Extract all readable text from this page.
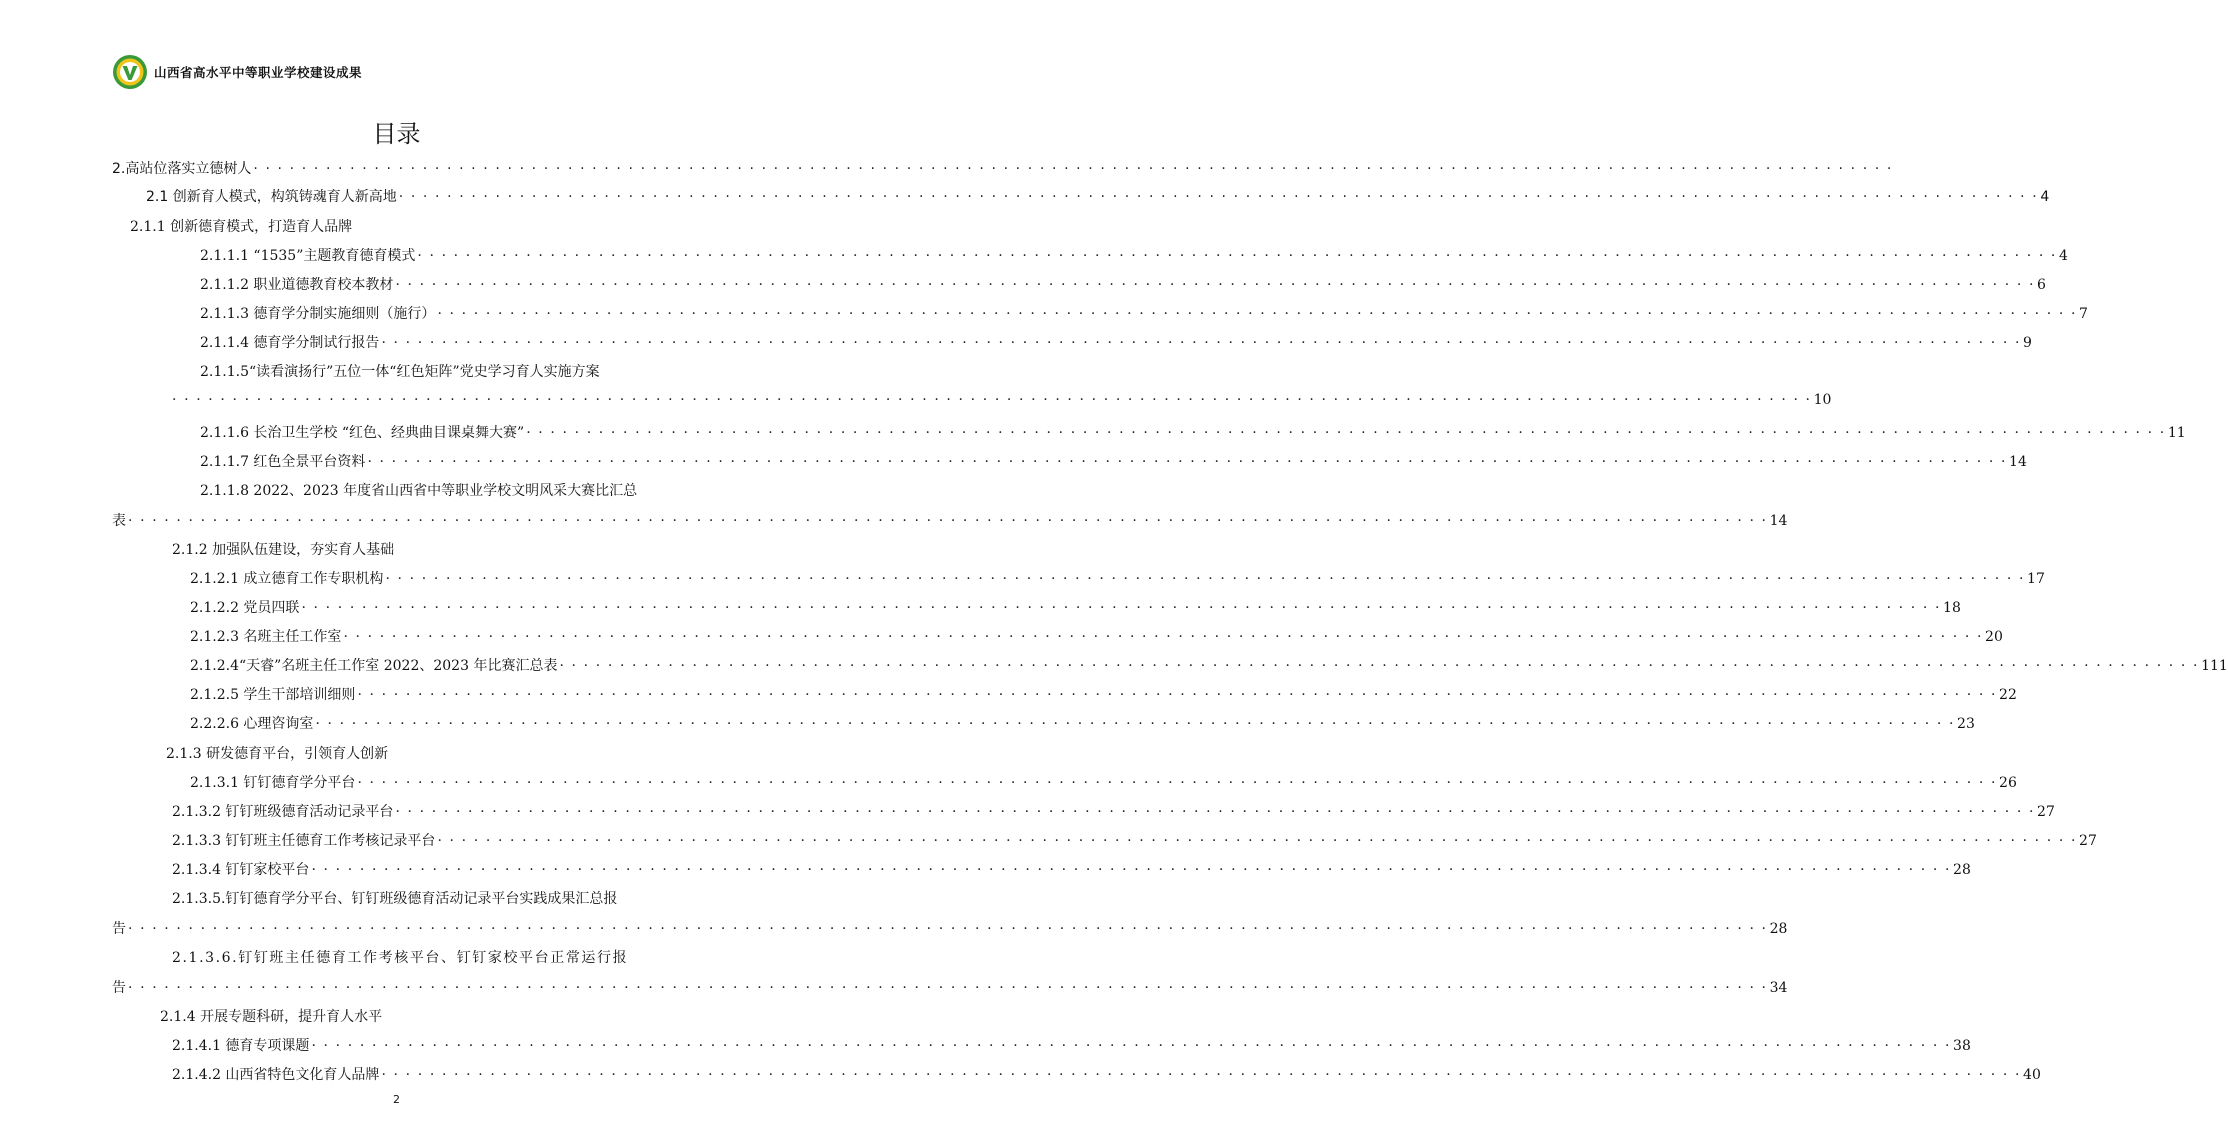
山西省高水平中等职业学校建设成果
目录
2.高站位落实立德树人 · · · · · · · · · · · · · · · · · · · · · · · · · · · · · · · · · · · · · · · · · · · · · · · · · · · · · · · · · · · · · · · · · · · · · · · · · · · · · · · · · · · · · · · · · · · · · · · · · · · · · · · · · · · · · · · · · · · · · · · · · · · · · · · · · · · · · · · ·
2.1 创新育人模式，构筑铸魂育人新高地 · · · · · · · · · · · · · · · · · · · · · · · · · · · · · · · · · · · · · · · · · · · · · · · · · · · · · · · · · · · · · · · · · · · · · · · · · · · · · · · · · · · · · · · · · · · · · · · · · · · · · · · · · · · · · · · · · · · · · · · · · · · · · · · · · · · · · · · · 4
2.1.1 创新德育模式，打造育人品牌
2.1.1.1 “1535”主题教育德育模式 · · · · · · · · · · · · · · · · · · · · · · · · · · · · · · · · · · · · · · · · · · · · · · · · · · · · · · · · · · · · · · · · · · · · · · · · · · · · · · · · · · · · · · · · · · · · · · · · · · · · · · · · · · · · · · · · · · · · · · · · · · · · · · · · · · · · · · · · 4
2.1.1.2 职业道德教育校本教材 · · · · · · · · · · · · · · · · · · · · · · · · · · · · · · · · · · · · · · · · · · · · · · · · · · · · · · · · · · · · · · · · · · · · · · · · · · · · · · · · · · · · · · · · · · · · · · · · · · · · · · · · · · · · · · · · · · · · · · · · · · · · · · · · · · · · · · · · 6
2.1.1.3 德育学分制实施细则（施行） · · · · · · · · · · · · · · · · · · · · · · · · · · · · · · · · · · · · · · · · · · · · · · · · · · · · · · · · · · · · · · · · · · · · · · · · · · · · · · · · · · · · · · · · · · · · · · · · · · · · · · · · · · · · · · · · · · · · · · · · · · · · · · · · · · · · · · · · 7
2.1.1.4 德育学分制试行报告 · · · · · · · · · · · · · · · · · · · · · · · · · · · · · · · · · · · · · · · · · · · · · · · · · · · · · · · · · · · · · · · · · · · · · · · · · · · · · · · · · · · · · · · · · · · · · · · · · · · · · · · · · · · · · · · · · · · · · · · · · · · · · · · · · · · · · · · · 9
2.1.1.5“读看演扬行”五位一体“红色矩阵”党史学习育人实施方案
· · · · · · · · · · · · · · · · · · · · · · · · · · · · · · · · · · · · · · · · · · · · · · · · · · · · · · · · · · · · · · · · · · · · · · · · · · · · · · · · · · · · · · · · · · · · · · · · · · · · · · · · · · · · · · · · · · · · · · · · · · · · · · · · · · · · · · · · 10
2.1.1.6 长治卫生学校 “红色、经典曲目课桌舞大赛” · · · · · · · · · · · · · · · · · · · · · · · · · · · · · · · · · · · · · · · · · · · · · · · · · · · · · · · · · · · · · · · · · · · · · · · · · · · · · · · · · · · · · · · · · · · · · · · · · · · · · · · · · · · · · · · · · · · · · · · · · · · · · · · · · · · · · · · · 11
2.1.1.7 红色全景平台资料 · · · · · · · · · · · · · · · · · · · · · · · · · · · · · · · · · · · · · · · · · · · · · · · · · · · · · · · · · · · · · · · · · · · · · · · · · · · · · · · · · · · · · · · · · · · · · · · · · · · · · · · · · · · · · · · · · · · · · · · · · · · · · · · · · · · · · · · · 14
2.1.1.8 2022、2023 年度省山西省中等职业学校文明风采大赛比汇总
表 · · · · · · · · · · · · · · · · · · · · · · · · · · · · · · · · · · · · · · · · · · · · · · · · · · · · · · · · · · · · · · · · · · · · · · · · · · · · · · · · · · · · · · · · · · · · · · · · · · · · · · · · · · · · · · · · · · · · · · · · · · · · · · · · · · · · · · · · 14
2.1.2 加强队伍建设，夯实育人基础
2.1.2.1 成立德育工作专职机构 · · · · · · · · · · · · · · · · · · · · · · · · · · · · · · · · · · · · · · · · · · · · · · · · · · · · · · · · · · · · · · · · · · · · · · · · · · · · · · · · · · · · · · · · · · · · · · · · · · · · · · · · · · · · · · · · · · · · · · · · · · · · · · · · · · · · · · · · 17
2.1.2.2 党员四联 · · · · · · · · · · · · · · · · · · · · · · · · · · · · · · · · · · · · · · · · · · · · · · · · · · · · · · · · · · · · · · · · · · · · · · · · · · · · · · · · · · · · · · · · · · · · · · · · · · · · · · · · · · · · · · · · · · · · · · · · · · · · · · · · · · · · · · · · 18
2.1.2.3 名班主任工作室 · · · · · · · · · · · · · · · · · · · · · · · · · · · · · · · · · · · · · · · · · · · · · · · · · · · · · · · · · · · · · · · · · · · · · · · · · · · · · · · · · · · · · · · · · · · · · · · · · · · · · · · · · · · · · · · · · · · · · · · · · · · · · · · · · · · · · · · · 20
2.1.2.4“天睿”名班主任工作室 2022、2023 年比赛汇总表 · · · · · · · · · · · · · · · · · · · · · · · · · · · · · · · · · · · · · · · · · · · · · · · · · · · · · · · · · · · · · · · · · · · · · · · · · · · · · · · · · · · · · · · · · · · · · · · · · · · · · · · · · · · · · · · · · · · · · · · · · · · · · · · · · · · · · · · · 111
2.1.2.5 学生干部培训细则 · · · · · · · · · · · · · · · · · · · · · · · · · · · · · · · · · · · · · · · · · · · · · · · · · · · · · · · · · · · · · · · · · · · · · · · · · · · · · · · · · · · · · · · · · · · · · · · · · · · · · · · · · · · · · · · · · · · · · · · · · · · · · · · · · · · · · · · · 22
2.2.2.6 心理咨询室 · · · · · · · · · · · · · · · · · · · · · · · · · · · · · · · · · · · · · · · · · · · · · · · · · · · · · · · · · · · · · · · · · · · · · · · · · · · · · · · · · · · · · · · · · · · · · · · · · · · · · · · · · · · · · · · · · · · · · · · · · · · · · · · · · · · · · · · · 23
2.1.3 研发德育平台，引领育人创新
2.1.3.1 钉钉德育学分平台 · · · · · · · · · · · · · · · · · · · · · · · · · · · · · · · · · · · · · · · · · · · · · · · · · · · · · · · · · · · · · · · · · · · · · · · · · · · · · · · · · · · · · · · · · · · · · · · · · · · · · · · · · · · · · · · · · · · · · · · · · · · · · · · · · · · · · · · · 26
2.1.3.2 钉钉班级德育活动记录平台 · · · · · · · · · · · · · · · · · · · · · · · · · · · · · · · · · · · · · · · · · · · · · · · · · · · · · · · · · · · · · · · · · · · · · · · · · · · · · · · · · · · · · · · · · · · · · · · · · · · · · · · · · · · · · · · · · · · · · · · · · · · · · · · · · · · · · · · · 27
2.1.3.3 钉钉班主任德育工作考核记录平台 · · · · · · · · · · · · · · · · · · · · · · · · · · · · · · · · · · · · · · · · · · · · · · · · · · · · · · · · · · · · · · · · · · · · · · · · · · · · · · · · · · · · · · · · · · · · · · · · · · · · · · · · · · · · · · · · · · · · · · · · · · · · · · · · · · · · · · · · 27
2.1.3.4 钉钉家校平台 · · · · · · · · · · · · · · · · · · · · · · · · · · · · · · · · · · · · · · · · · · · · · · · · · · · · · · · · · · · · · · · · · · · · · · · · · · · · · · · · · · · · · · · · · · · · · · · · · · · · · · · · · · · · · · · · · · · · · · · · · · · · · · · · · · · · · · · · 28
2.1.3.5.钉钉德育学分平台、钉钉班级德育活动记录平台实践成果汇总报
告 · · · · · · · · · · · · · · · · · · · · · · · · · · · · · · · · · · · · · · · · · · · · · · · · · · · · · · · · · · · · · · · · · · · · · · · · · · · · · · · · · · · · · · · · · · · · · · · · · · · · · · · · · · · · · · · · · · · · · · · · · · · · · · · · · · · · · · · · 28
2.1.3.6.钉钉班主任德育工作考核平台、钉钉家校平台正常运行报
告 · · · · · · · · · · · · · · · · · · · · · · · · · · · · · · · · · · · · · · · · · · · · · · · · · · · · · · · · · · · · · · · · · · · · · · · · · · · · · · · · · · · · · · · · · · · · · · · · · · · · · · · · · · · · · · · · · · · · · · · · · · · · · · · · · · · · · · · · 34
2.1.4 开展专题科研，提升育人水平
2.1.4.1 德育专项课题 · · · · · · · · · · · · · · · · · · · · · · · · · · · · · · · · · · · · · · · · · · · · · · · · · · · · · · · · · · · · · · · · · · · · · · · · · · · · · · · · · · · · · · · · · · · · · · · · · · · · · · · · · · · · · · · · · · · · · · · · · · · · · · · · · · · · · · · · 38
2.1.4.2 山西省特色文化育人品牌 · · · · · · · · · · · · · · · · · · · · · · · · · · · · · · · · · · · · · · · · · · · · · · · · · · · · · · · · · · · · · · · · · · · · · · · · · · · · · · · · · · · · · · · · · · · · · · · · · · · · · · · · · · · · · · · · · · · · · · · · · · · · · · · · · · · · · · · · 40
2
